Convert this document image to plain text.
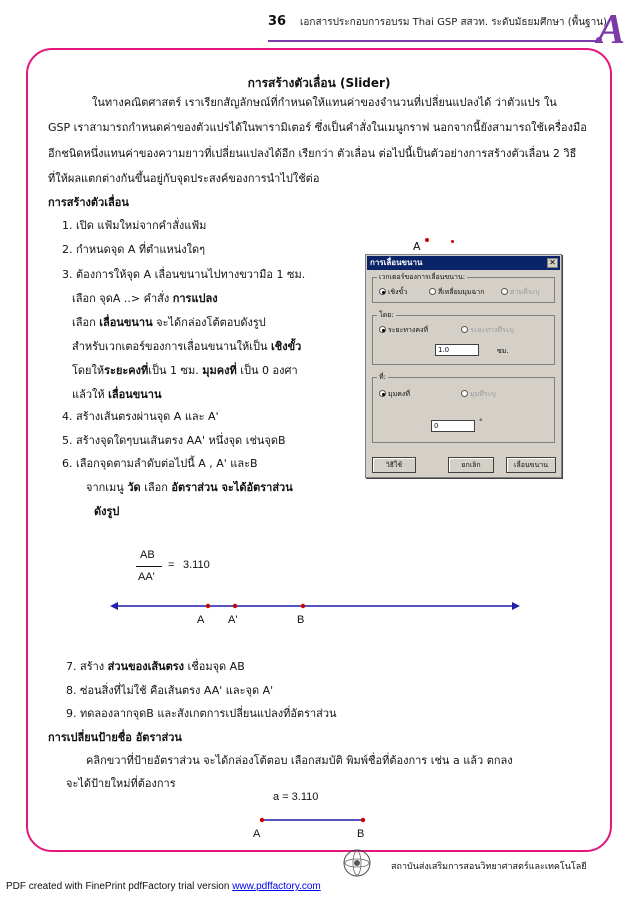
36 เอกสารประกอบการอบรม Thai GSP สสวท. ระดับมัธยมศึกษา (พื้นฐาน)
A
การสร้างตัวเลื่อน (Slider)
ในทางคณิตศาสตร์ เราเรียกสัญลักษณ์ที่กำหนดให้แทนค่าของจำนวนที่เปลี่ยนแปลงได้ ว่าตัวแปร ใน
GSP เราสามารถกำหนดค่าของตัวแปรได้ในพารามิเตอร์ ซึ่งเป็นคำสั่งในเมนูกราฟ นอกจากนี้ยังสามารถใช้เครื่องมือ
อีกชนิดหนึ่งแทนค่าของความยาวที่เปลี่ยนแปลงได้อีก เรียกว่า ตัวเลื่อน ต่อไปนี้เป็นตัวอย่างการสร้างตัวเลื่อน 2 วิธี
ที่ให้ผลแตกต่างกันขึ้นอยู่กับจุดประสงค์ของการนำไปใช้ต่อ
การสร้างตัวเลื่อน
1. เปิด แฟ้มใหม่จากคำสั่งแฟ้ม
2. กำหนดจุด A ที่ตำแหน่งใดๆ
3. ต้องการให้จุด A เลื่อนขนานไปทางขวามือ 1 ซม.
เลือก จุดA ..> คำสั่ง การแปลง
เลือก เลื่อนขนาน จะได้กล่องโต้ตอบดังรูป
สำหรับเวกเตอร์ของการเลื่อนขนานให้เป็น เชิงขั้ว
โดยให้ระยะคงที่เป็น 1 ซม. มุมคงที่ เป็น 0 องศา
แล้วให้ เลื่อนขนาน
4. สร้างเส้นตรงผ่านจุด A และ A'
5. สร้างจุดใดๆบนเส้นตรง AA' หนึ่งจุด เช่นจุดB
6. เลือกจุดตามลำดับต่อไปนี้ A , A' และB
จากเมนู วัด เลือก อัตราส่วน จะได้อัตราส่วน
ดังรูป
A
การเลื่อนขนาน	✕
เวกเตอร์ของการเลื่อนขนาน:
เชิงขั้ว	สี่เหลี่ยมมุมฉาก	ตามที่ระบุ
โดย:
ระยะทางคงที่	ระยะทางที่ระบุ
1.0	ซม.
ที่:
มุมคงที่	มุมที่ระบุ
0	°
วิธีใช้	ยกเลิก	เลื่อนขนาน
AB
AA'
= 3.110
A A'	B
7. สร้าง ส่วนของเส้นตรง เชื่อมจุด AB
8. ซ่อนสิ่งที่ไม่ใช้ คือเส้นตรง AA' และจุด A'
9. ทดลองลากจุดB และสังเกตการเปลี่ยนแปลงที่อัตราส่วน
การเปลี่ยนป้ายชื่อ อัตราส่วน
คลิกขวาที่ป้ายอัตราส่วน จะได้กล่องโต้ตอบ เลือกสมบัติ พิมพ์ชื่อที่ต้องการ เช่น a แล้ว ตกลง
จะได้ป้ายใหม่ที่ต้องการ
a = 3.110
A	B
สถาบันส่งเสริมการสอนวิทยาศาสตร์และเทคโนโลยี
PDF created with FinePrint pdfFactory trial version www.pdffactory.com
